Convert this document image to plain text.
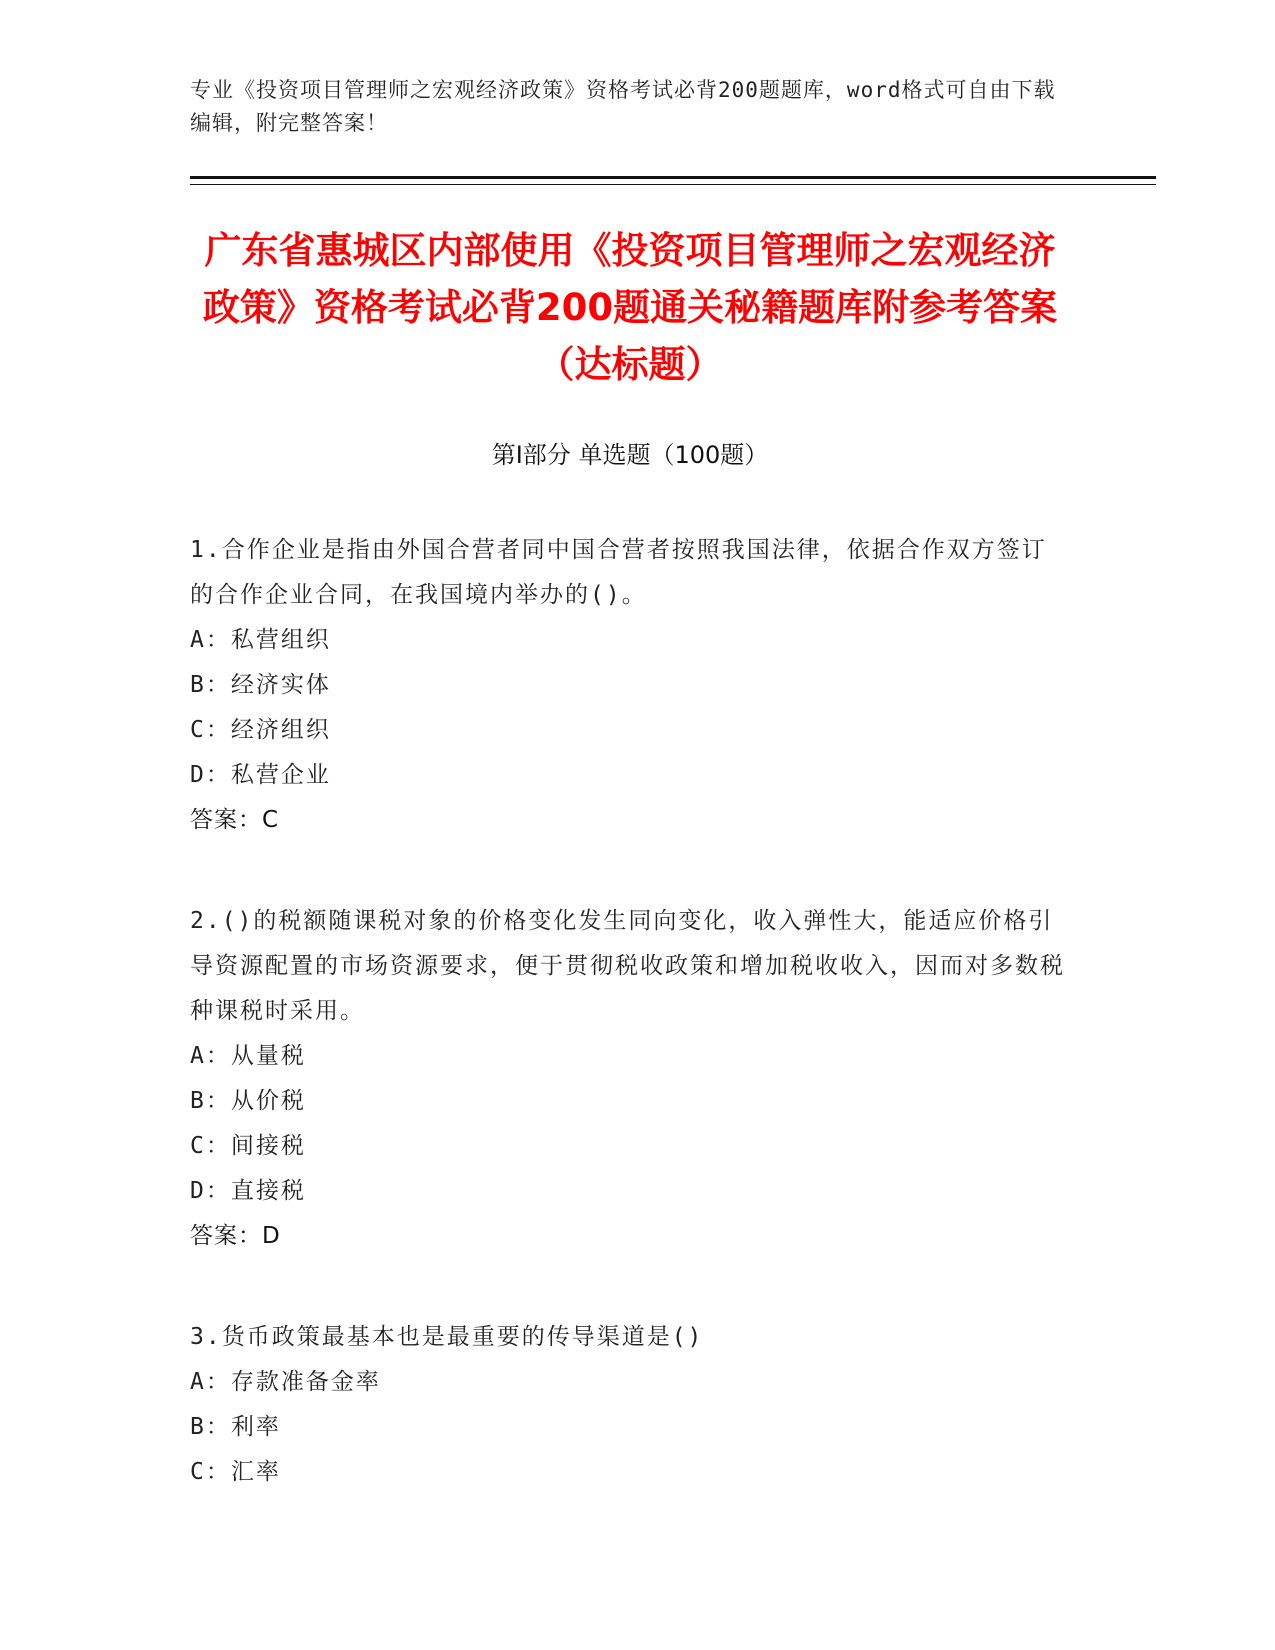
专业《投资项目管理师之宏观经济政策》资格考试必背200题题库，word格式可自由下载编辑，附完整答案！
广东省惠城区内部使用《投资项目管理师之宏观经济政策》资格考试必背200题通关秘籍题库附参考答案（达标题）
第I部分 单选题（100题）
1.合作企业是指由外国合营者同中国合营者按照我国法律，依据合作双方签订的合作企业合同，在我国境内举办的()。
A：私营组织
B：经济实体
C：经济组织
D：私营企业
答案：C
2.()的税额随课税对象的价格变化发生同向变化，收入弹性大，能适应价格引导资源配置的市场资源要求，便于贯彻税收政策和增加税收收入，因而对多数税种课税时采用。
A：从量税
B：从价税
C：间接税
D：直接税
答案：D
3.货币政策最基本也是最重要的传导渠道是()
A：存款准备金率
B：利率
C：汇率
